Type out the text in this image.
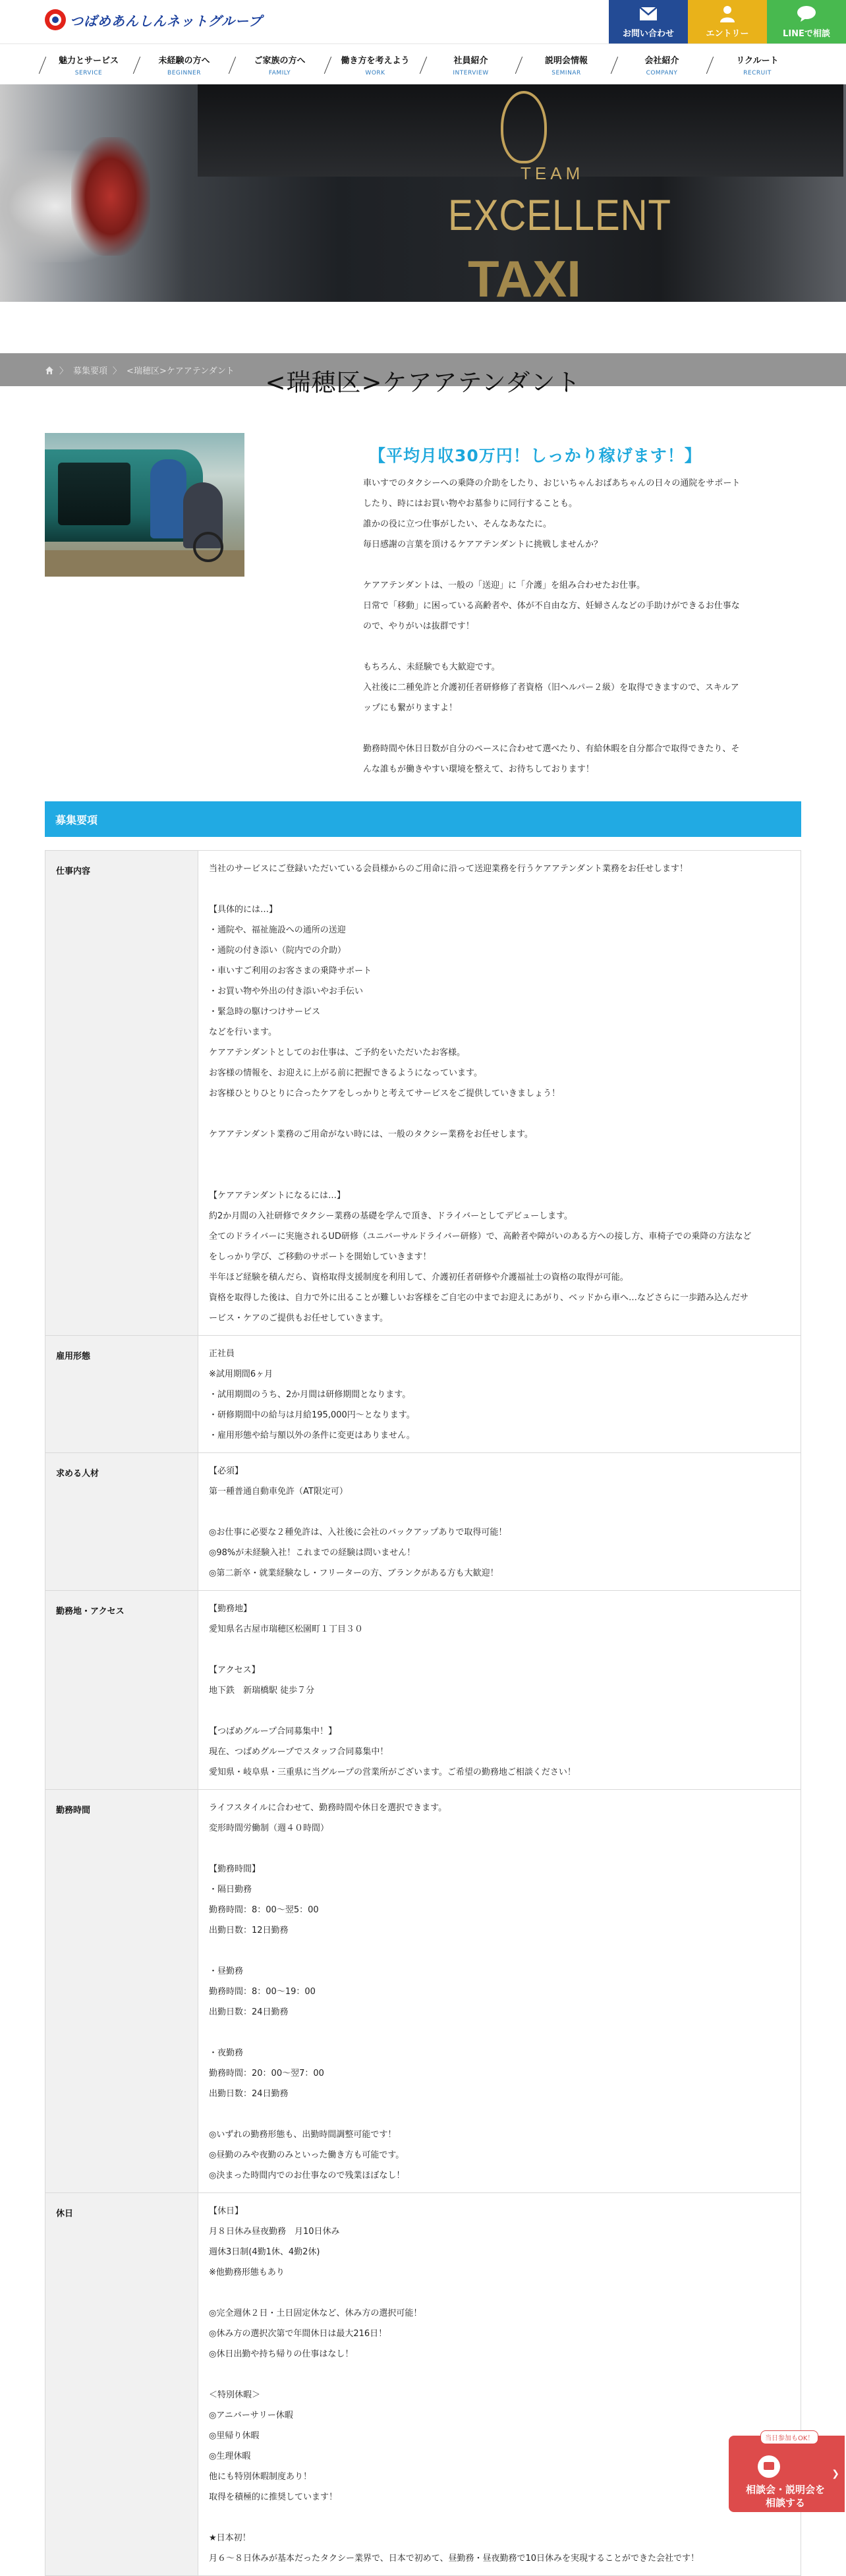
つばめあんしんネットグループ
お問い合わせ	エントリー	LINEで相談
魅力とサービス
SERVICE
未経験の方へ
BEGINNER
ご家族の方へ
FAMILY
働き方を考えよう
WORK
社員紹介
INTERVIEW
説明会情報
SEMINAR
会社紹介
COMPANY
リクルート
RECRUIT
TEAM
EXCELLENT
TAXI
〉 募集要項 〉 <瑞穂区>ケアアテンダント	<瑞穂区>ケアアテンダント
【平均月収30万円！しっかり稼げます！】

車いすでのタクシーへの乗降の介助をしたり、おじいちゃんおばあちゃんの日々の通院をサポート

したり、時にはお買い物やお墓参りに同行することも。

誰かの役に立つ仕事がしたい、そんなあなたに。

毎日感謝の言葉を頂けるケアアテンダントに挑戦しませんか？

ケアアテンダントは、一般の「送迎」に「介護」を組み合わせたお仕事。

日常で「移動」に困っている高齢者や、体が不自由な方、妊婦さんなどの手助けができるお仕事な

ので、やりがいは抜群です！

もちろん、未経験でも大歓迎です。

入社後に二種免許と介護初任者研修修了者資格（旧ヘルパー２級）を取得できますので、スキルア

ップにも繋がりますよ！

勤務時間や休日日数が自分のペースに合わせて選べたり、有給休暇を自分都合で取得できたり、そ

んな誰もが働きやすい環境を整えて、お待ちしております！

募集要項
仕事内容	当社のサービスにご登録いただいている会員様からのご用命に沿って送迎業務を行うケアアテンダント業務をお任せします！

【具体的には…】

・通院や、福祉施設への通所の送迎

・通院の付き添い（院内での介助）

・車いすご利用のお客さまの乗降サポート

・お買い物や外出の付き添いやお手伝い

・緊急時の駆けつけサービス

などを行います。

ケアアテンダントとしてのお仕事は、ご予約をいただいたお客様。

お客様の情報を、お迎えに上がる前に把握できるようになっています。

お客様ひとりひとりに合ったケアをしっかりと考えてサービスをご提供していきましょう！

ケアアテンダント業務のご用命がない時には、一般のタクシー業務をお任せします。

【ケアアテンダントになるには…】

約2か月間の入社研修でタクシー業務の基礎を学んで頂き、ドライバーとしてデビューします。

全てのドライバーに実施されるUD研修（ユニバーサルドライバー研修）で、高齢者や障がいのある方への接し方、車椅子での乗降の方法など

をしっかり学び、ご移動のサポートを開始していきます！

半年ほど経験を積んだら、資格取得支援制度を利用して、介護初任者研修や介護福祉士の資格の取得が可能。

資格を取得した後は、自力で外に出ることが難しいお客様をご自宅の中までお迎えにあがり、ベッドから車へ…などさらに一歩踏み込んだサ

ービス・ケアのご提供もお任せしていきます。

雇用形態	正社員

※試用期間6ヶ月

・試用期間のうち、2か月間は研修期間となります。

・研修期間中の給与は月給195,000円〜となります。

・雇用形態や給与額以外の条件に変更はありません。

求める人材	【必須】

第一種普通自動車免許（AT限定可）

◎お仕事に必要な２種免許は、入社後に会社のバックアップありで取得可能！

◎98%が未経験入社！これまでの経験は問いません！

◎第二新卒・就業経験なし・フリーターの方、ブランクがある方も大歓迎！

勤務地・アクセス	【勤務地】

愛知県名古屋市瑞穂区松園町１丁目３０

【アクセス】

地下鉄　新瑞橋駅 徒歩７分

【つばめグループ合同募集中！】

現在、つばめグループでスタッフ合同募集中！

愛知県・岐阜県・三重県に当グループの営業所がございます。ご希望の勤務地ご相談ください！

勤務時間	ライフスタイルに合わせて、勤務時間や休日を選択できます。

変形時間労働制（週４０時間）

【勤務時間】

・隔日勤務

勤務時間：8：00〜翌5：00

出勤日数：12日勤務

・昼勤務

勤務時間：8：00〜19：00

出勤日数：24日勤務

・夜勤務

勤務時間：20：00〜翌7：00

出勤日数：24日勤務

◎いずれの勤務形態も、出勤時間調整可能です！

◎昼勤のみや夜勤のみといった働き方も可能です。

◎決まった時間内でのお仕事なので残業ほぼなし！

休日	【休日】

月８日休み昼夜勤務　月10日休み

週休3日制(4勤1休、4勤2休)

※他勤務形態もあり

◎完全週休２日・土日固定休など、休み方の選択可能！

◎休み方の選択次第で年間休日は最大216日！

◎休日出勤や持ち帰りの仕事はなし！

＜特別休暇＞

◎アニバーサリー休暇

◎里帰り休暇

◎生理休暇

他にも特別休暇制度あり！

取得を積極的に推奨しています！

★日本初！

月６〜８日休みが基本だったタクシー業界で、日本で初めて、昼勤務・昼夜勤務で10日休みを実現することができた会社です！

当日参加もOK！
❯
相談会・説明会を
相談する
